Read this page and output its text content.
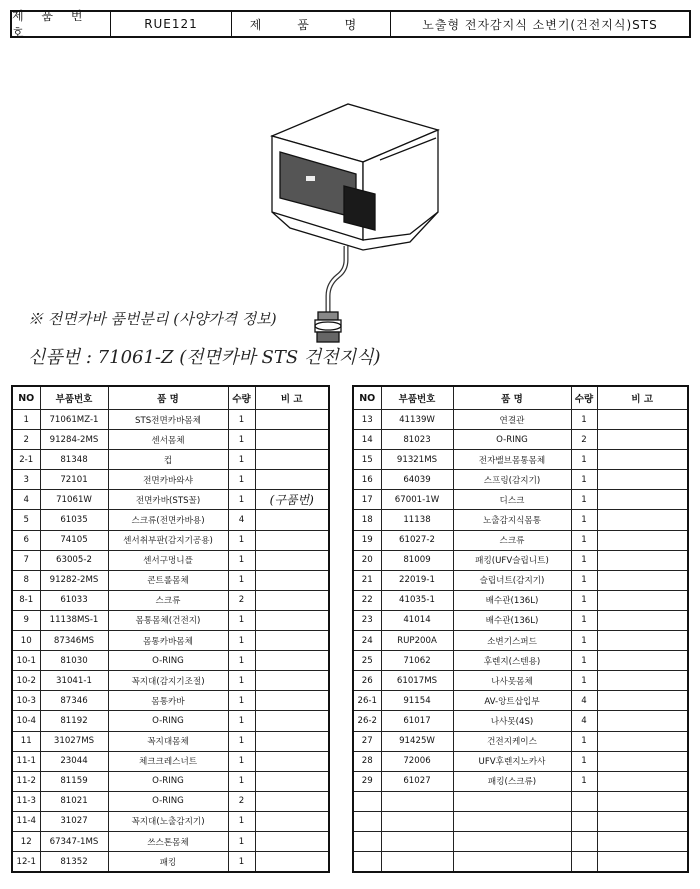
제 품 번 호
RUE121	제 품 명	노출형 전자감지식 소변기(건전지식)STS
※ 전면카바 품번분리 (사양가격 정보)
신품번 : 71061-Z (전면카바 STS 건전지식)
NO	부품번호	품 명	수량	비 고
1	71061MZ-1	STS전면카바몸체	1	
2	91284-2MS	센서몸체	1	
2-1	81348	컵	1	
3	72101	전면카바와샤	1	
4	71061W	전면카바(STS꼴)	1	(구품번)
5	61035	스크류(전면카바용)	4	
6	74105	센서취부판(감지기공용)	1	
7	63005-2	센서구멍니플	1	
8	91282-2MS	콘트롤몸체	1	
8-1	61033	스크류	2	
9	11138MS-1	몸통몸체(건전지)	1	
10	87346MS	몸통카바몸체	1	
10-1	81030	O-RING	1	
10-2	31041-1	꼭지대(감지기조절)	1	
10-3	87346	몸통카바	1	
10-4	81192	O-RING	1	
11	31027MS	꼭지대몸체	1	
11-1	23044	체크크레스너트	1	
11-2	81159	O-RING	1	
11-3	81021	O-RING	2	
11-4	31027	꼭지대(노출감지기)	1	
12	67347-1MS	쓰스톤몸체	1	
12-1	81352	패킹	1	
NO	부품번호	품 명	수량	비 고
13	41139W	연결관	1	
14	81023	O-RING	2	
15	91321MS	전자밸브몸통몸체	1	
16	64039	스프링(감지기)	1	
17	67001-1W	디스크	1	
18	11138	노출감지식몸통	1	
19	61027-2	스크류	1	
20	81009	패킹(UFV슬립니트)	1	
21	22019-1	슬립너트(감지기)	1	
22	41035-1	배수관(136L)	1	
23	41014	배수관(136L)	1	
24	RUP200A	소변기스퍼드	1	
25	71062	후렌지(스텐용)	1	
26	61017MS	나사못몸체	1	
26-1	91154	AV-앙트삽입부	4	
26-2	61017	나사못(4S)	4	
27	91425W	건전지케이스	1	
28	72006	UFV후렌지노카사	1	
29	61027	패킹(스크류)	1	
